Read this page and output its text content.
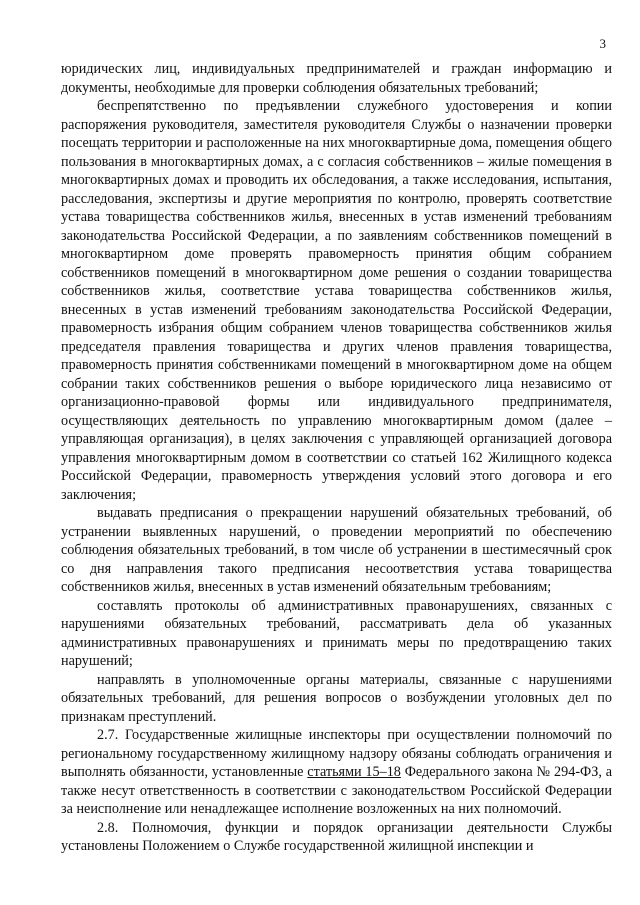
3

юридических лиц, индивидуальных предпринимателей и граждан информацию и документы, необходимые для проверки соблюдения обязательных требований;

беспрепятственно по предъявлении служебного удостоверения и копии распоряжения руководителя, заместителя руководителя Службы о назначении проверки посещать территории и расположенные на них многоквартирные дома, помещения общего пользования в многоквартирных домах, а с согласия собственников – жилые помещения в многоквартирных домах и проводить их обследования, а также исследования, испытания, расследования, экспертизы и другие мероприятия по контролю, проверять соответствие устава товарищества собственников жилья, внесенных в устав изменений требованиям законодательства Российской Федерации, а по заявлениям собственников помещений в многоквартирном доме проверять правомерность принятия общим собранием собственников помещений в многоквартирном доме решения о создании товарищества собственников жилья, соответствие устава товарищества собственников жилья, внесенных в устав изменений требованиям законодательства Российской Федерации, правомерность избрания общим собранием членов товарищества собственников жилья председателя правления товарищества и других членов правления товарищества, правомерность принятия собственниками помещений в многоквартирном доме на общем собрании таких собственников решения о выборе юридического лица независимо от организационно-правовой формы или индивидуального предпринимателя, осуществляющих деятельность по управлению многоквартирным домом (далее – управляющая организация), в целях заключения с управляющей организацией договора управления многоквартирным домом в соответствии со статьей 162 Жилищного кодекса Российской Федерации, правомерность утверждения условий этого договора и его заключения;

выдавать предписания о прекращении нарушений обязательных требований, об устранении выявленных нарушений, о проведении мероприятий по обеспечению соблюдения обязательных требований, в том числе об устранении в шестимесячный срок со дня направления такого предписания несоответствия устава товарищества собственников жилья, внесенных в устав изменений обязательным требованиям;

составлять протоколы об административных правонарушениях, связанных с нарушениями обязательных требований, рассматривать дела об указанных административных правонарушениях и принимать меры по предотвращению таких нарушений;

направлять в уполномоченные органы материалы, связанные с нарушениями обязательных требований, для решения вопросов о возбуждении уголовных дел по признакам преступлений.

2.7. Государственные жилищные инспекторы при осуществлении полномочий по региональному государственному жилищному надзору обязаны соблюдать ограничения и выполнять обязанности, установленные статьями 15–18 Федерального закона № 294-ФЗ, а также несут ответственность в соответствии с законодательством Российской Федерации за неисполнение или ненадлежащее исполнение возложенных на них полномочий.

2.8. Полномочия, функции и порядок организации деятельности Службы установлены Положением о Службе государственной жилищной инспекции и
